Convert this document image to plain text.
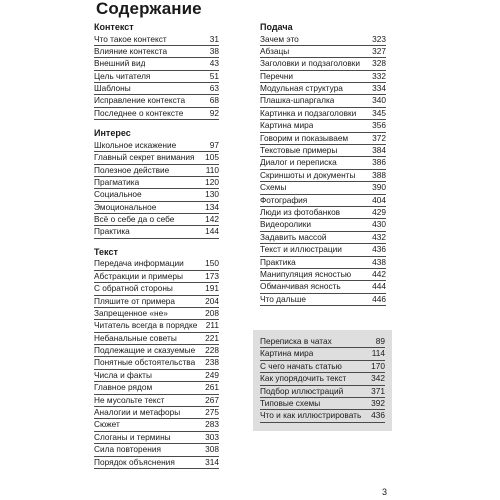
Содержание
Контекст
Что такое контекст	31
Влияние контекста	38
Внешний вид	43
Цель читателя	51
Шаблоны	63
Исправление контекста	68
Последнее о контексте	92
Интерес
Школьное искажение	97
Главный секрет внимания 105
Полезное действие	110
Прагматика	120
Социальное	130
Эмоциональное	134
Всё о себе да о себе	142
Практика	144
Текст
Передача информации	150
Абстракции и примеры	173
С обратной стороны	191
Пляшите от примера	204
Запрещенное «не»	208
Читатель всегда в порядке 211
Небанальные советы	221
Подлежащие и сказуемые 228
Понятные обстоятельства 238
Числа и факты	249
Главное рядом	261
Не мусольте текст	267
Аналогии и метафоры	275
Сюжет	283
Слоганы и термины	303
Сила повторения	308
Порядок объяснения	314
Подача
Зачем это	323
Абзацы	327
Заголовки и подзаголовки 328
Перечни	332
Модульная структура	334
Плашка-шпаргалка	340
Картинка и подзаголовки 345
Картина мира	356
Говорим и показываем	372
Текстовые примеры	384
Диалог и переписка	386
Скриншоты и документы 388
Схемы	390
Фотография	404
Люди из фотобанков	429
Видеоролики	430
Задавить массой	432
Текст и иллюстрации	436
Практика	438
Манипуляция ясностью	442
Обманчивая ясность	444
Что дальше	446
Переписка в чатах	89
Картина мира	114
С чего начать статью	170
Как упорядочить текст	342
Подбор иллюстраций	371
Типовые схемы	392
Что и как иллюстрировать 436
3
